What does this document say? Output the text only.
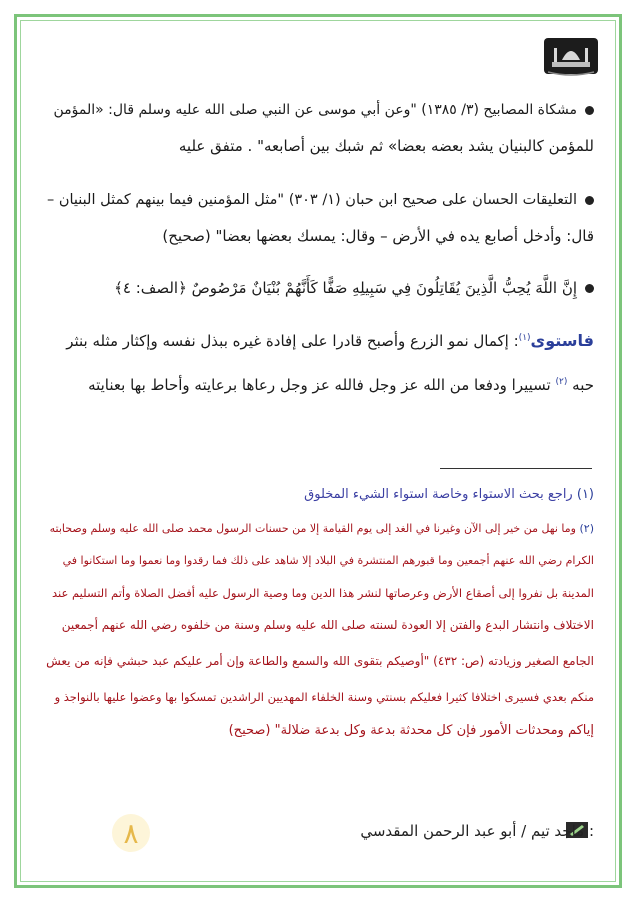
مشكاة المصابيح (٣/ ١٣٨٥) "وعن أبي موسى عن النبي صلى الله عليه وسلم قال: «المؤمن
للمؤمن كالبنيان يشد بعضه بعضا» ثم شبك بين أصابعه" . متفق عليه
التعليقات الحسان على صحيح ابن حبان (١/ ٣٠٣) "مثل المؤمنين فيما بينهم كمثل البنيان –
قال: وأدخل أصابع يده في الأرض – وقال: يمسك بعضها بعضا" (صحيح)
إِنَّ اللَّهَ يُحِبُّ الَّذِينَ يُقَاتِلُونَ فِي سَبِيلِهِ صَفًّا كَأَنَّهُمْ بُنْيَانٌ مَرْصُوصٌ ﴿الصف: ٤﴾
فاستوى$^{(١)}$: إكمال نمو الزرع وأصبح قادرا على إفادة غيره ببذل نفسه وإكثار مثله بنثر
حبه $^{(٢)}$ تسييرا ودفعا من الله عز وجل فالله عز وجل رعاها برعايته وأحاط بها بعنايته
(١) راجع بحث الاستواء وخاصة استواء الشيء المخلوق
(٢) وما نهل من خير إلى الآن وغيرنا في الغد إلى يوم القيامة إلا من حسنات الرسول محمد صلى الله عليه وسلم وصحابته
الكرام رضي الله عنهم أجمعين وما قبورهم المنتشرة في البلاد إلا شاهد على ذلك فما رقدوا وما نعموا وما استكانوا في
المدينة بل نفروا إلى أصقاع الأرض وعرصاتها لنشر هذا الدين وما وصية الرسول عليه أفضل الصلاة وأتم التسليم عند
الاختلاف وانتشار البدع والفتن إلا العودة لسنته صلى الله عليه وسلم وسنة من خلفوه رضي الله عنهم أجمعين
الجامع الصغير وزيادته (ص: ٤٣٢) "أوصيكم بتقوى الله والسمع والطاعة وإن أمر عليكم عبد حبشي فإنه من يعش
منكم بعدي فسيرى اختلافا كثيرا فعليكم بسنتي وسنة الخلفاء المهديين الراشدين تمسكوا بها وعضوا عليها بالنواجذ و
إياكم ومحدثات الأمور فإن كل محدثة بدعة وكل بدعة ضلالة" (صحيح)
٨	: ماجد تيم / أبو عبد الرحمن المقدسي
